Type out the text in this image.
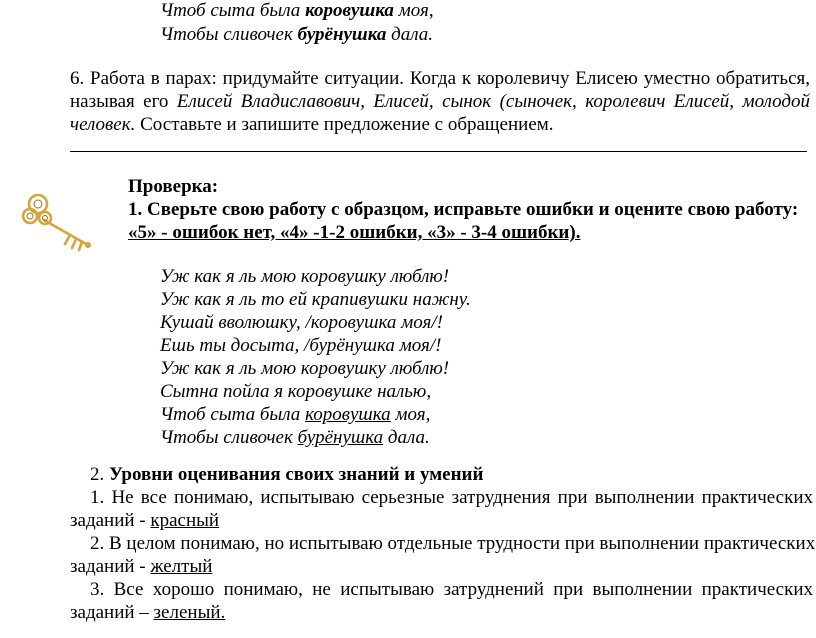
Чтоб сыта была коровушка моя,
Чтобы сливочек бурёнушка дала.
6. Работа в парах: придумайте ситуации. Когда к королевичу Елисею уместно обратиться,
называя его Елисей Владиславович, Елисей, сынок (сыночек, королевич Елисей, молодой
человек. Составьте и запишите предложение с обращением.
Проверка:
1. Сверьте свою работу с образцом, исправьте ошибки и оцените свою работу:
«5» - ошибок нет, «4» -1-2 ошибки, «3» - 3-4 ошибки).
Уж как я ль мою коровушку люблю!
Уж как я ль то ей крапивушки нажну.
Кушай вволюшку, /коровушка моя/!
Ешь ты досыта, /бурёнушка моя/!
Уж как я ль мою коровушку люблю!
Сытна пойла я коровушке налью,
Чтоб сыта была коровушка моя,
Чтобы сливочек бурёнушка дала.
2. Уровни оценивания своих знаний и умений
1. Не все понимаю, испытываю серьезные затруднения при выполнении практических
заданий - красный
2. В целом понимаю, но испытываю отдельные трудности при выполнении практических
заданий - желтый
3. Все хорошо понимаю, не испытываю затруднений при выполнении практических
заданий – зеленый.
